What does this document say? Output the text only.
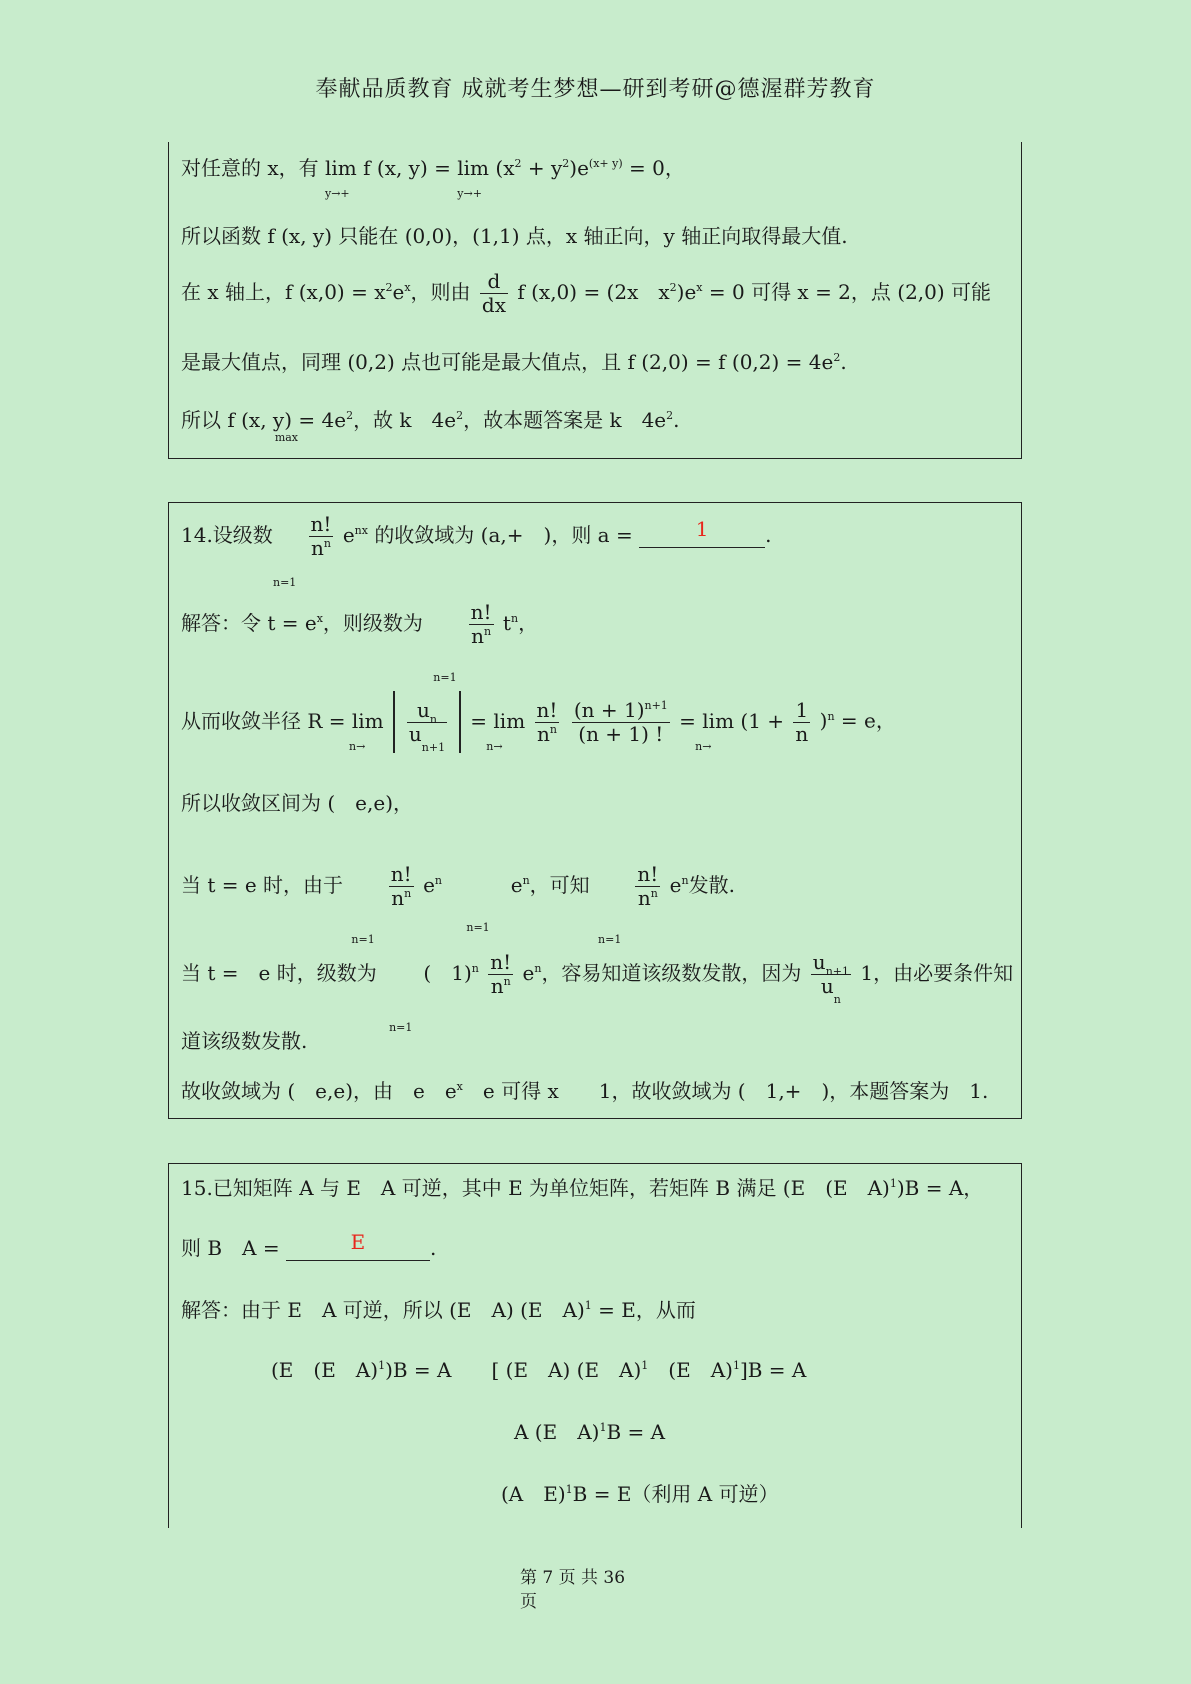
奉献品质教育 成就考生梦想—研到考研@德渥群芳教育
对任意的 x，有 lim
y→+
f (x, y) = lim
y→+
$(x^2 + y^2)e^{(x+ y)} = 0$，
所以函数 f (x, y) 只能在 (0,0)，(1,1) 点，x 轴正向，y 轴正向取得最大值.
在 x 轴上，f $(x,0) = x^2e^x$，则由 $\frac{d}{dx}$ f (x,0) = (2x　$x^2)e^x = 0$ 可得 x = 2，点 (2,0) 可能
是最大值点，同理 (0,2) 点也可能是最大值点，且 f (2,0) = f $(0,2) = 4e^2$.
所以 f (x, y)
max
= $4e^2$，故 k　$4e^2$，故本题答案是 k　$4e^2$.
14.设级数
n=1

$\frac{n!}{n^n} e^{nx}$ 的收敛域为 (a,+　)，则 a =	1	.
解答：令 $t = e^x$，则级数为
n=1

$\frac{n!}{n^n} t^n$，
从而收敛半径 R = lim
n→

$\frac{u_n}{u_{n+1}} = \lim$
n→

$\frac{n!}{n^n}$
$\frac{(n + 1)^{n+1}}{(n + 1) !} = \lim (1$ +
n→

$\frac{1}{n} )^n = e$，
所以收敛区间为 (　e,e)，
当 t = e 时，由于
n=1

$\frac{n!}{n^n} e^n$
n=1
$e^n$，可知
n=1

$\frac{n!}{n^n} e^n$发散.
当 t =　e 时，级数为
n=1
(　$1)^n \frac{n!}{n^n} e^n$，容易知道该级数发散，因为 $\frac{u_{n+1}}{u_n} 1$，由必要条件知
道该级数发散.
故收敛域为 (　e,e)，由　e　$e^x$　e 可得 x　　1，故收敛域为 (　1,+　)，本题答案为　1.
15.已知矩阵 A 与 E　A 可逆，其中 E 为单位矩阵，若矩阵 B 满足 (E　(E　A)$^1$)B = A，
则 B　A =	E	.
解答：由于 E　A 可逆，所以 (E　A) (E　A)$^1$ = E，从而
(E　(E　A)$^1$)B = A　　[ (E　A) (E　A)$^1$　(E　A)$^1$]B = A
A (E　A)$^1$B = A
(A　E)$^1$B = E（利用 A 可逆）
第 7 页 共 36
页
